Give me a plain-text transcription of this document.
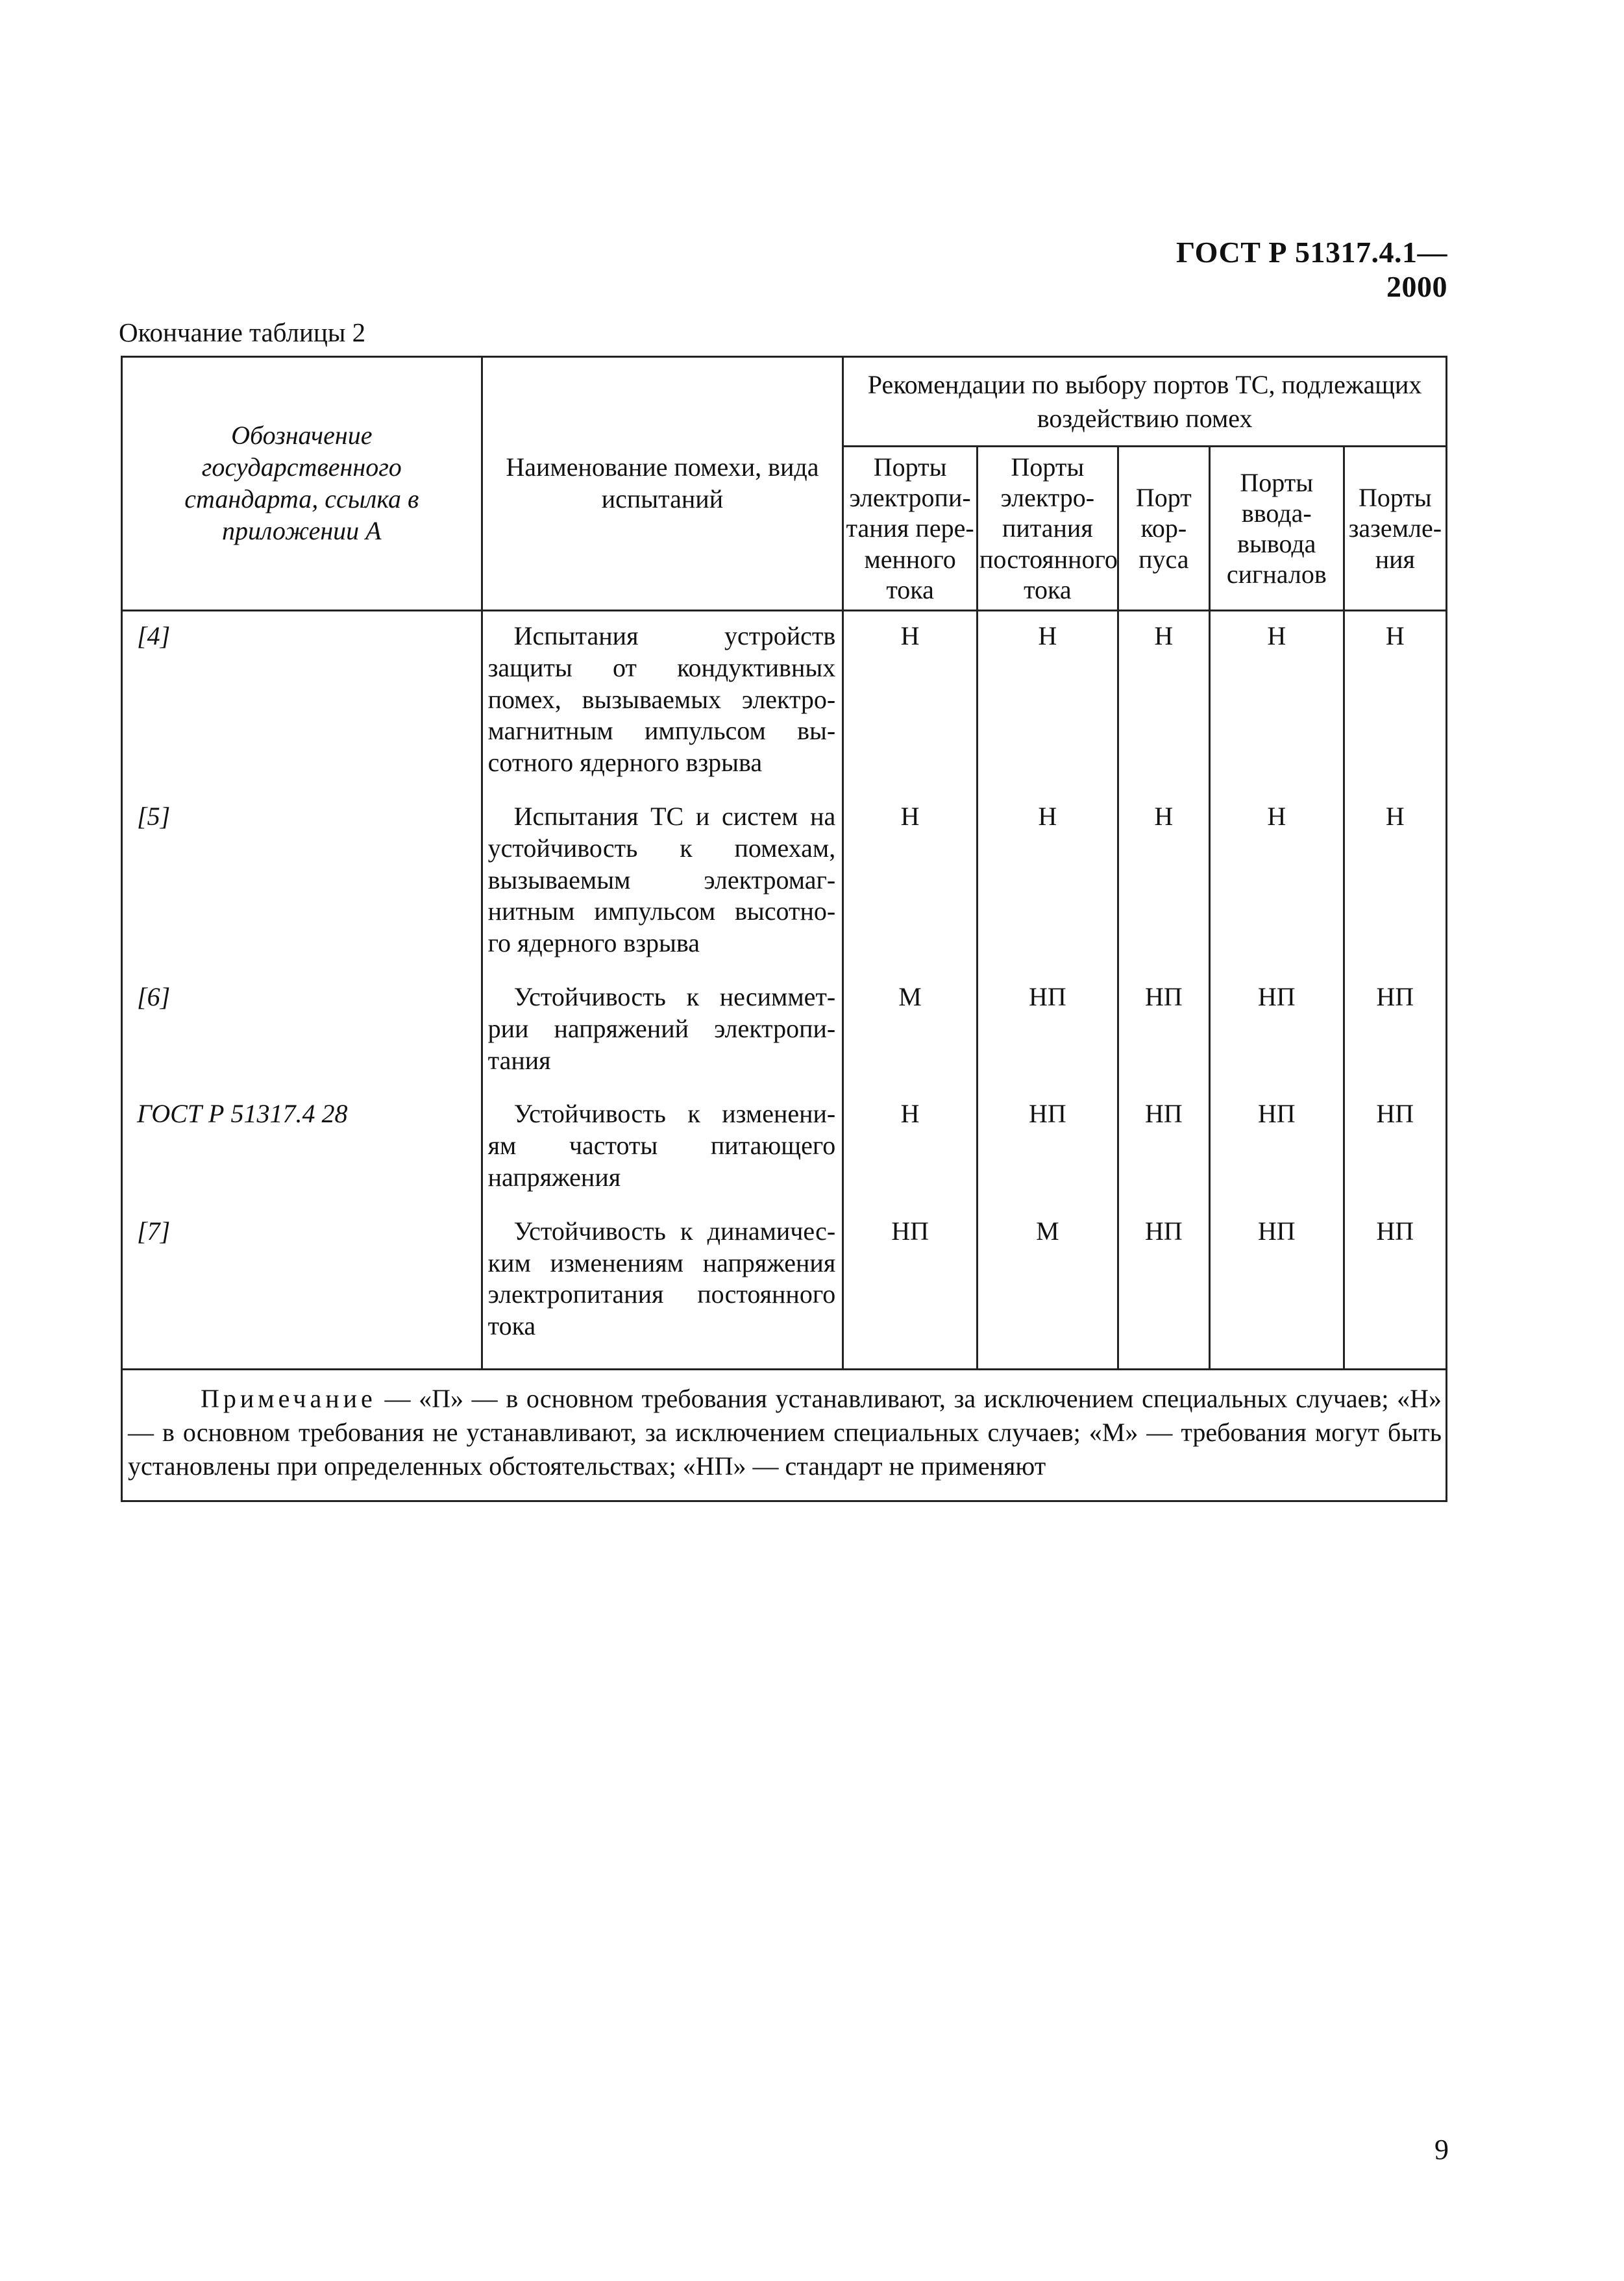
ГОСТ Р 51317.4.1—2000
Окончание таблицы 2
Обозначение государственного стандарта, ссылка в приложении А	Наименование помехи, вида испытаний	Рекомендации по выбору портов ТС, подлежащих воздействию помех				
		Порты электропи- тания пере- менного тока	Порты электро- питания постоянного тока	Порт кор- пуса	Порты ввода- вывода сигналов	Порты заземле- ния
[4]	Испытания устройств защиты от кондуктивных помех, вызываемых электро- магнитным импульсом вы- сотного ядерного взрыва	Н	Н	Н	Н	Н
[5]	Испытания ТС и систем на устойчивость к помехам, вызываемым электромаг- нитным импульсом высотно- го ядерного взрыва	Н	Н	Н	Н	Н
[6]	Устойчивость к несиммет- рии напряжений электропи- тания	М	НП	НП	НП	НП
ГОСТ Р 51317.4 28	Устойчивость к изменени- ям частоты питающего напряжения	Н	НП	НП	НП	НП
[7]	Устойчивость к динамичес- ким изменениям напряжения электропитания постоянного тока	НП	М	НП	НП	НП
Примечание — «П» — в основном требования устанавливают, за исключением специальных случаев; «Н» — в основном требования не устанавливают, за исключением специальных случаев; «М» — требования могут быть установлены при определенных обстоятельствах; «НП» — стандарт не применяют						
9
